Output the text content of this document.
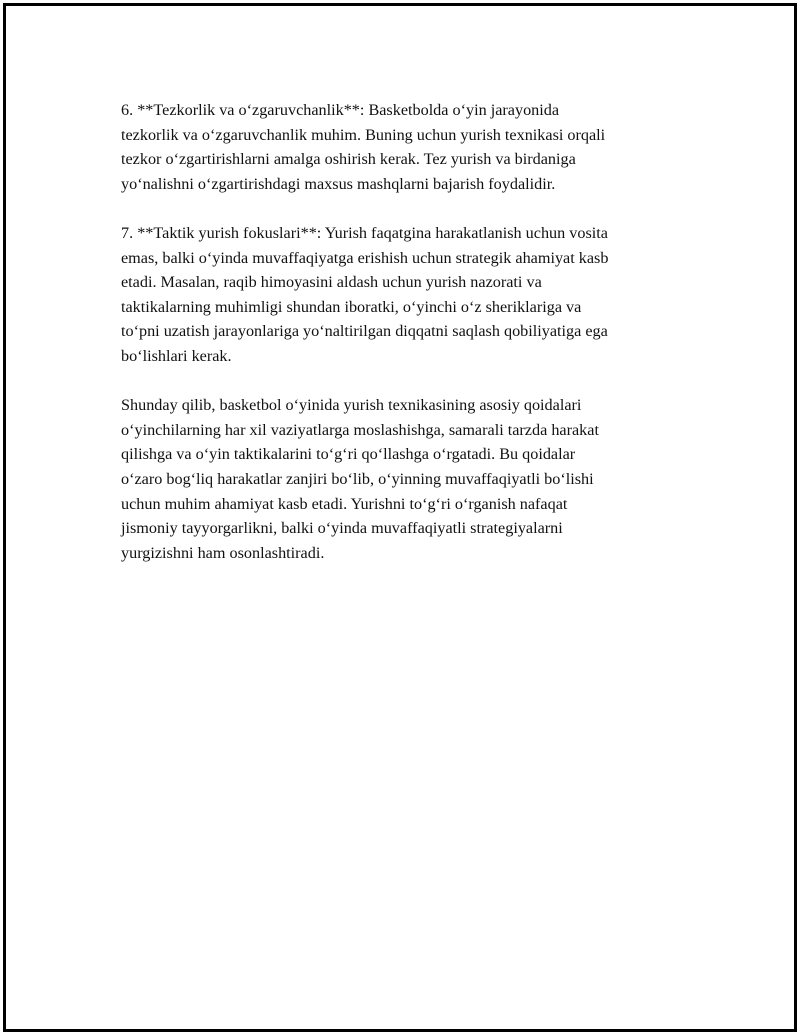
6. **Tezkorlik va o‘zgaruvchanlik**: Basketbolda o‘yin jarayonida
tezkorlik va o‘zgaruvchanlik muhim. Buning uchun yurish texnikasi orqali
tezkor o‘zgartirishlarni amalga oshirish kerak. Tez yurish va birdaniga
yo‘nalishni o‘zgartirishdagi maxsus mashqlarni bajarish foydalidir.

7. **Taktik yurish fokuslari**: Yurish faqatgina harakatlanish uchun vosita
emas, balki o‘yinda muvaffaqiyatga erishish uchun strategik ahamiyat kasb
etadi. Masalan, raqib himoyasini aldash uchun yurish nazorati va
taktikalarning muhimligi shundan iboratki, o‘yinchi o‘z sheriklariga va
to‘pni uzatish jarayonlariga yo‘naltirilgan diqqatni saqlash qobiliyatiga ega
bo‘lishlari kerak.

Shunday qilib, basketbol o‘yinida yurish texnikasining asosiy qoidalari
o‘yinchilarning har xil vaziyatlarga moslashishga, samarali tarzda harakat
qilishga va o‘yin taktikalarini to‘g‘ri qo‘llashga o‘rgatadi. Bu qoidalar
o‘zaro bog‘liq harakatlar zanjiri bo‘lib, o‘yinning muvaffaqiyatli bo‘lishi
uchun muhim ahamiyat kasb etadi. Yurishni to‘g‘ri o‘rganish nafaqat
jismoniy tayyorgarlikni, balki o‘yinda muvaffaqiyatli strategiyalarni
yurgizishni ham osonlashtiradi.
